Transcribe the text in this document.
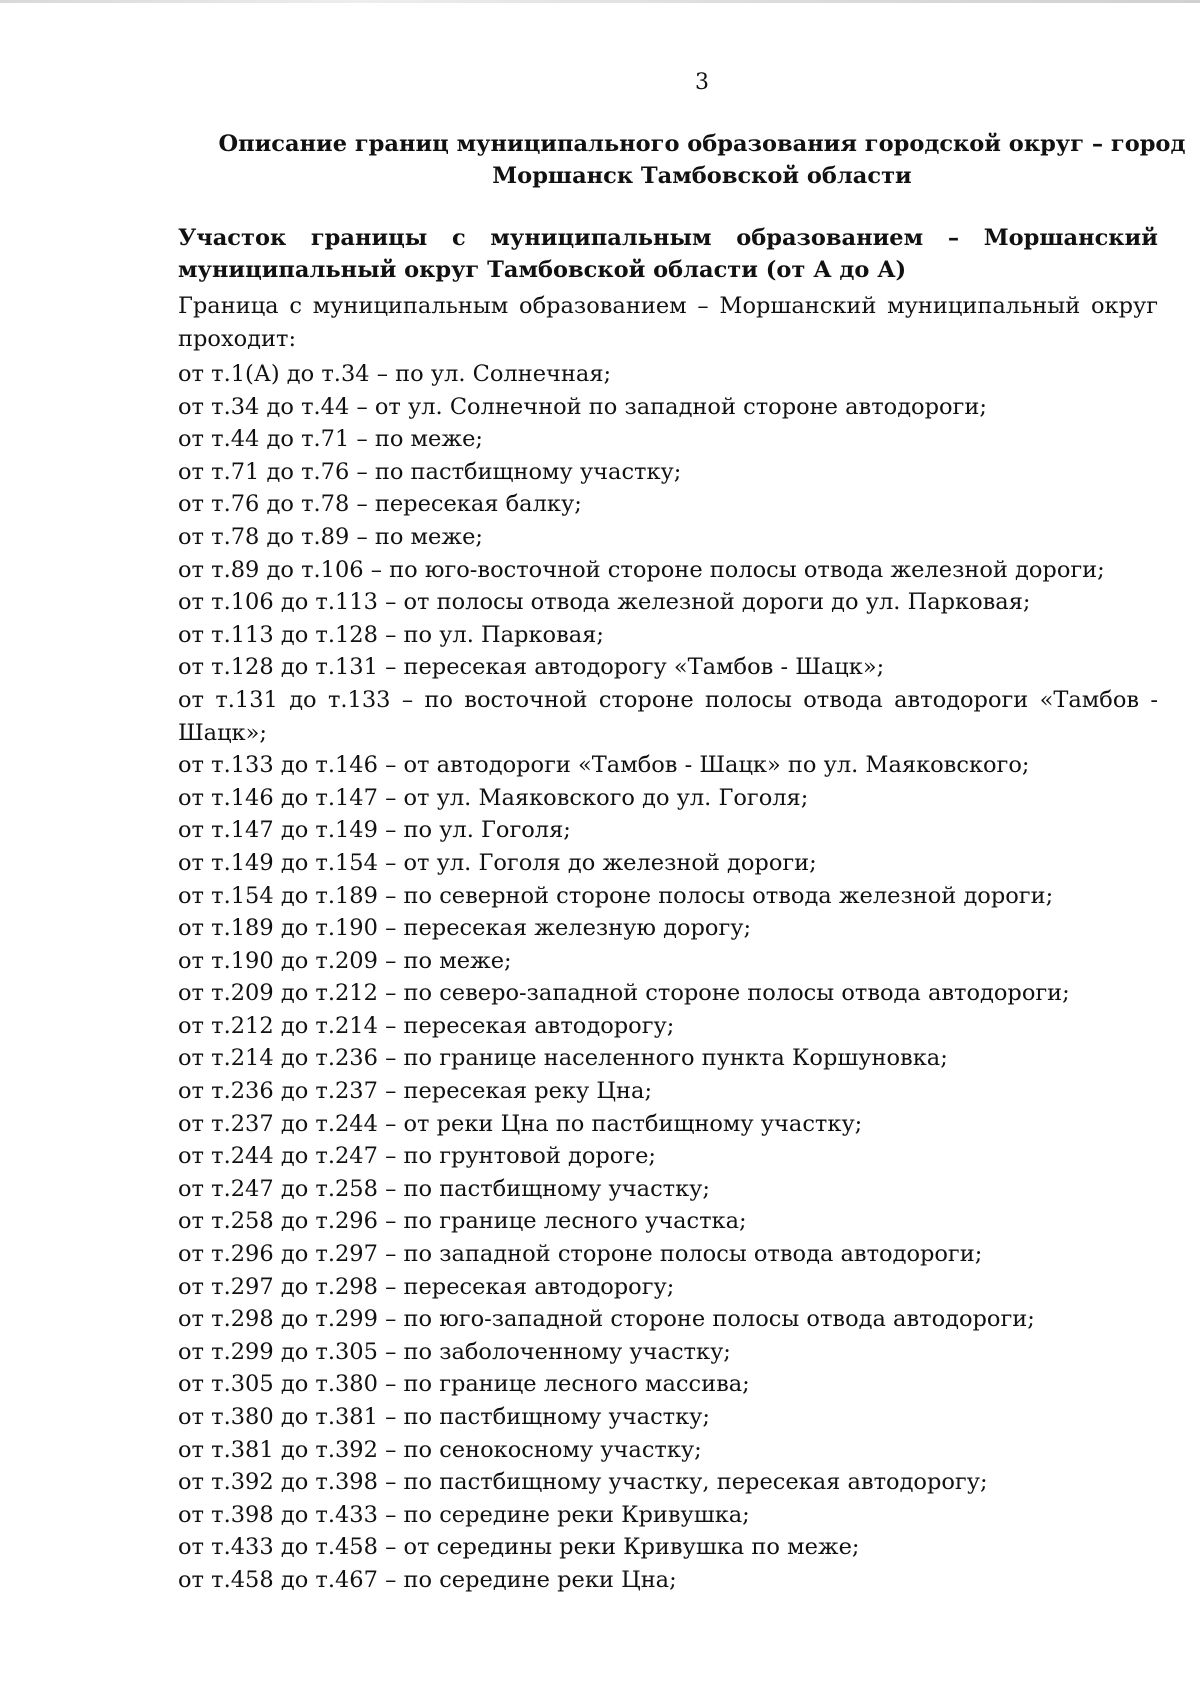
3
Описание границ муниципального образования городской округ – город
Моршанск Тамбовской области
Участок границы с муниципальным образованием – Моршанский
муниципальный округ Тамбовской области (от А до А)
Граница с муниципальным образованием – Моршанский муниципальный округ проходит:
от т.1(А) до т.34 – по ул. Солнечная;
от т.34 до т.44 – от ул. Солнечной по западной стороне автодороги;
от т.44 до т.71 – по меже;
от т.71 до т.76 – по пастбищному участку;
от т.76 до т.78 – пересекая балку;
от т.78 до т.89 – по меже;
от т.89 до т.106 – по юго-восточной стороне полосы отвода железной дороги;
от т.106 до т.113 – от полосы отвода железной дороги до ул. Парковая;
от т.113 до т.128 – по ул. Парковая;
от т.128 до т.131 – пересекая автодорогу «Тамбов - Шацк»;
от т.131 до т.133 – по восточной стороне полосы отвода автодороги «Тамбов - Шацк»;
от т.133 до т.146 – от автодороги «Тамбов - Шацк» по ул. Маяковского;
от т.146 до т.147 – от ул. Маяковского до ул. Гоголя;
от т.147 до т.149 – по ул. Гоголя;
от т.149 до т.154 – от ул. Гоголя до железной дороги;
от т.154 до т.189 – по северной стороне полосы отвода железной дороги;
от т.189 до т.190 – пересекая железную дорогу;
от т.190 до т.209 – по меже;
от т.209 до т.212 – по северо-западной стороне полосы отвода автодороги;
от т.212 до т.214 – пересекая автодорогу;
от т.214 до т.236 – по границе населенного пункта Коршуновка;
от т.236 до т.237 – пересекая реку Цна;
от т.237 до т.244 – от реки Цна по пастбищному участку;
от т.244 до т.247 – по грунтовой дороге;
от т.247 до т.258 – по пастбищному участку;
от т.258 до т.296 – по границе лесного участка;
от т.296 до т.297 – по западной стороне полосы отвода автодороги;
от т.297 до т.298 – пересекая автодорогу;
от т.298 до т.299 – по юго-западной стороне полосы отвода автодороги;
от т.299 до т.305 – по заболоченному участку;
от т.305 до т.380 – по границе лесного массива;
от т.380 до т.381 – по пастбищному участку;
от т.381 до т.392 – по сенокосному участку;
от т.392 до т.398 – по пастбищному участку, пересекая автодорогу;
от т.398 до т.433 – по середине реки Кривушка;
от т.433 до т.458 – от середины реки Кривушка по меже;
от т.458 до т.467 – по середине реки Цна;
